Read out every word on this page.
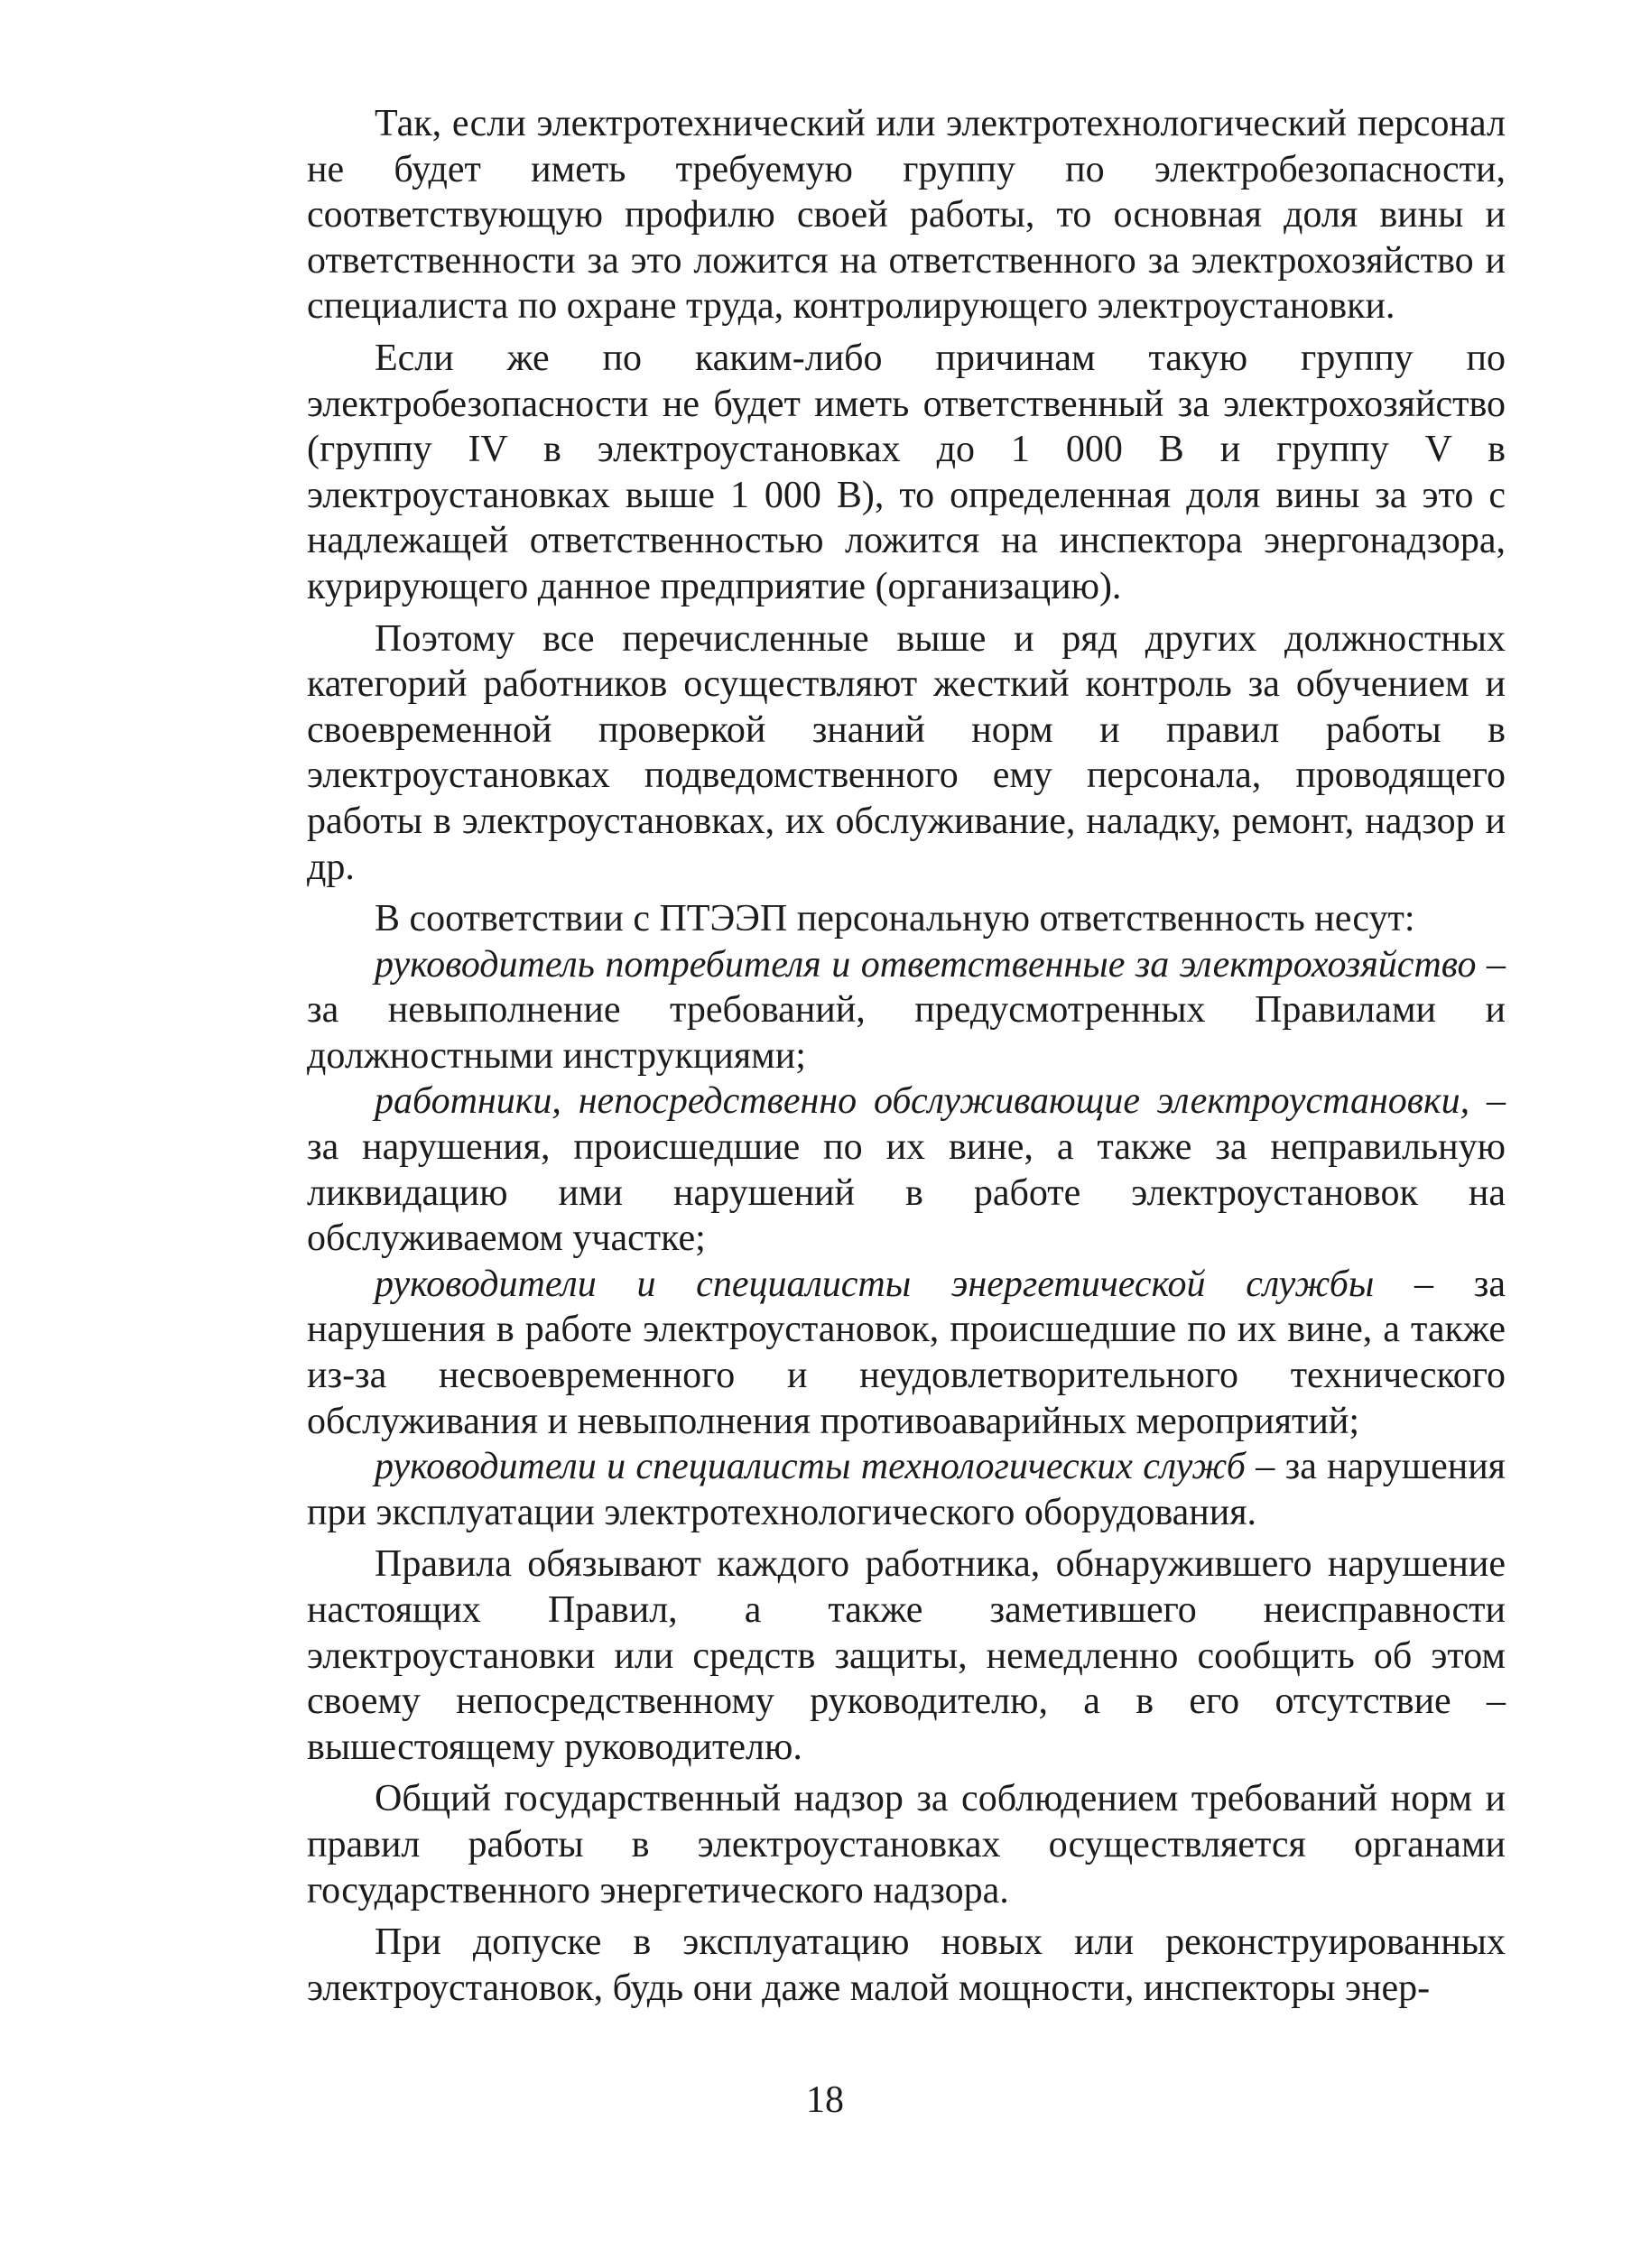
Так, если электротехнический или электротехнологический персонал не будет иметь требуемую группу по электробезопасности, соответствующую профилю своей работы, то основная доля вины и ответственности за это ложится на ответственного за электрохозяйство и специалиста по охране труда, контролирующего электроустановки.

Если же по каким-либо причинам такую группу по электробезопасности не будет иметь ответственный за электрохозяйство (группу IV в электроустановках до 1 000 В и группу V в электроустановках выше 1 000 В), то определенная доля вины за это с надлежащей ответственностью ложится на инспектора энергонадзора, курирующего данное предприятие (организацию).

Поэтому все перечисленные выше и ряд других должностных категорий работников осуществляют жесткий контроль за обучением и своевременной проверкой знаний норм и правил работы в электроустановках подведомственного ему персонала, проводящего работы в электроустановках, их обслуживание, наладку, ремонт, надзор и др.

В соответствии с ПТЭЭП персональную ответственность несут:

руководитель потребителя и ответственные за электрохозяйство – за невыполнение требований, предусмотренных Правилами и должностными инструкциями;

работники, непосредственно обслуживающие электроустановки, – за нарушения, происшедшие по их вине, а также за неправильную ликвидацию ими нарушений в работе электроустановок на обслуживаемом участке;

руководители и специалисты энергетической службы – за нарушения в работе электроустановок, происшедшие по их вине, а также из-за несвоевременного и неудовлетворительного технического обслуживания и невыполнения противоаварийных мероприятий;

руководители и специалисты технологических служб – за нарушения при эксплуатации электротехнологического оборудования.

Правила обязывают каждого работника, обнаружившего нарушение настоящих Правил, а также заметившего неисправности электроустановки или средств защиты, немедленно сообщить об этом своему непосредственному руководителю, а в его отсутствие – вышестоящему руководителю.

Общий государственный надзор за соблюдением требований норм и правил работы в электроустановках осуществляется органами государственного энергетического надзора.

При допуске в эксплуатацию новых или реконструированных электроустановок, будь они даже малой мощности, инспекторы энер-

18
